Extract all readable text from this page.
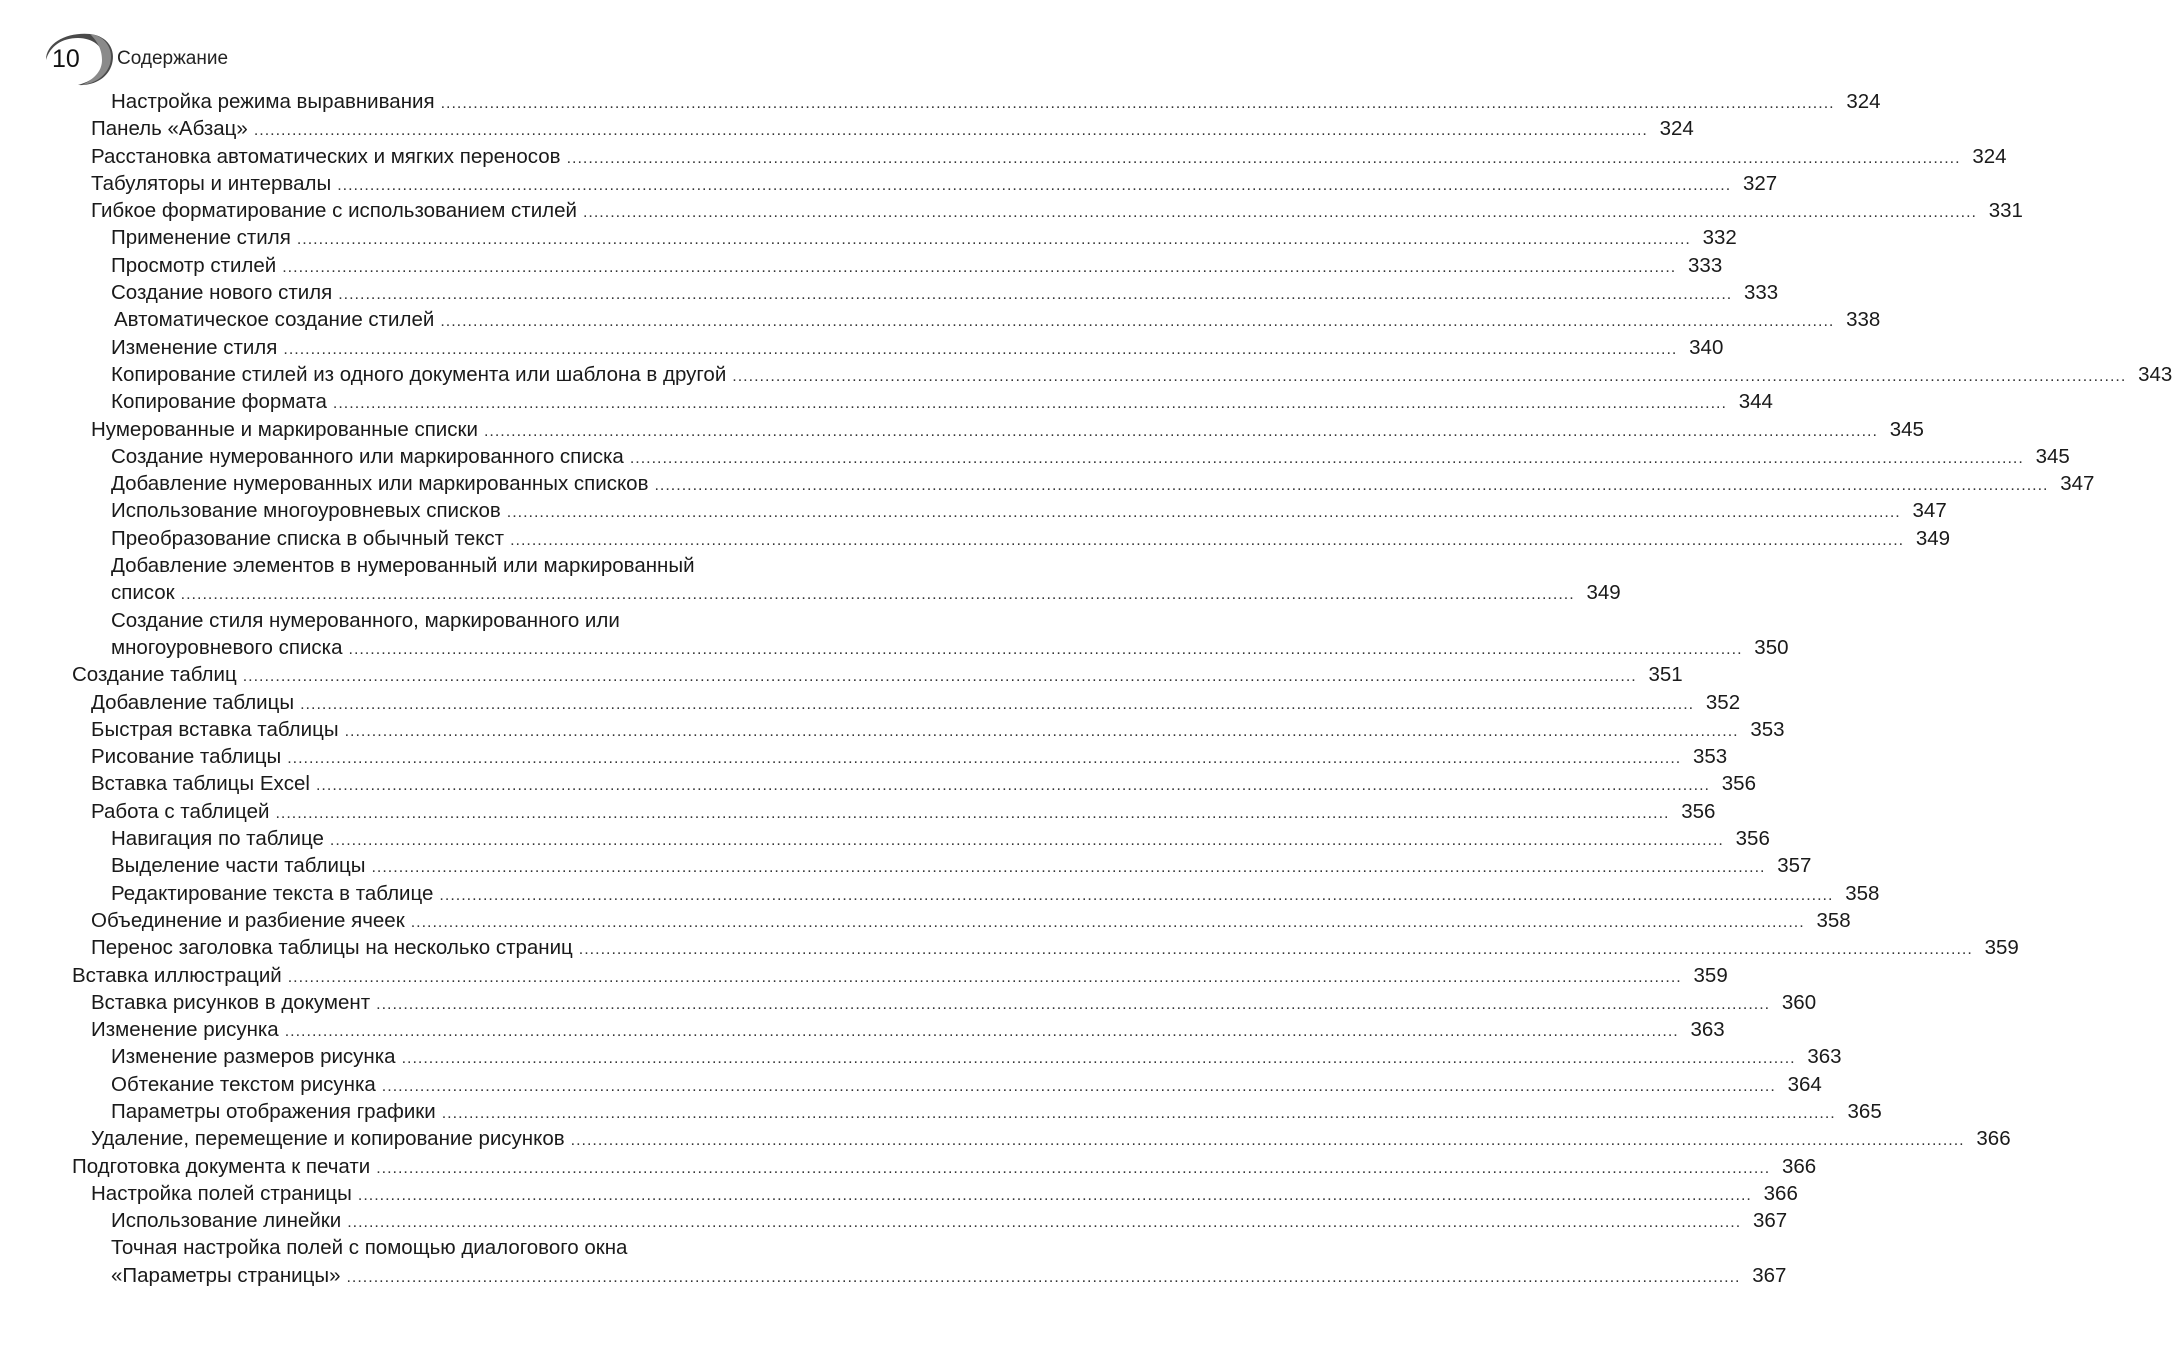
10 Содержание
Настройка режима выравнивания .....	324
Панель «Абзац» .....	324
Расстановка автоматических и мягких переносов .....	324
Табуляторы и интервалы .....	327
Гибкое форматирование с использованием стилей .....	331
Применение стиля .....	332
Просмотр стилей .....	333
Создание нового стиля .....	333
Автоматическое создание стилей .....	338
Изменение стиля .....	340
Копирование стилей из одного документа или шаблона в другой .....	343
Копирование формата .....	344
Нумерованные и маркированные списки .....	345
Создание нумерованного или маркированного списка .....	345
Добавление нумерованных или маркированных списков .....	347
Использование многоуровневых списков .....	347
Преобразование списка в обычный текст .....	349
Добавление элементов в нумерованный или маркированный
список .....	349
Создание стиля нумерованного, маркированного или
многоуровневого списка .....	350
Создание таблиц .....	351
Добавление таблицы .....	352
Быстрая вставка таблицы .....	353
Рисование таблицы .....	353
Вставка таблицы Excel .....	356
Работа с таблицей .....	356
Навигация по таблице .....	356
Выделение части таблицы .....	357
Редактирование текста в таблице .....	358
Объединение и разбиение ячеек .....	358
Перенос заголовка таблицы на несколько страниц .....	359
Вставка иллюстраций .....	359
Вставка рисунков в документ .....	360
Изменение рисунка .....	363
Изменение размеров рисунка .....	363
Обтекание текстом рисунка .....	364
Параметры отображения графики .....	365
Удаление, перемещение и копирование рисунков .....	366
Подготовка документа к печати .....	366
Настройка полей страницы .....	366
Использование линейки .....	367
Точная настройка полей с помощью диалогового окна
«Параметры страницы» .....	367
